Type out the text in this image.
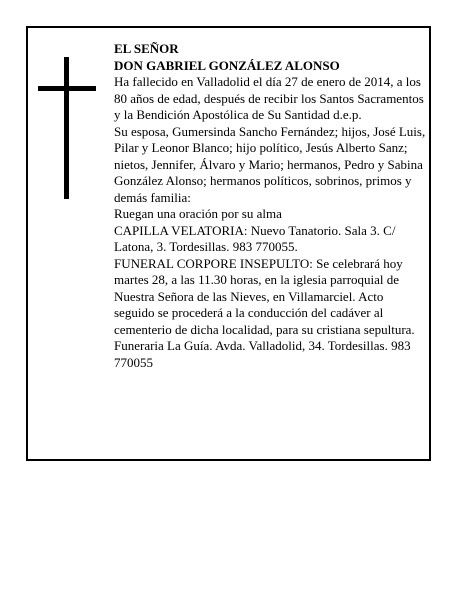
EL SEÑOR

DON GABRIEL GONZÁLEZ ALONSO

Ha fallecido en Valladolid el día 27 de enero de 2014, a los 80 años de edad, después de recibir los Santos Sacramentos y la Bendición Apostólica de Su Santidad d.e.p.

Su esposa, Gumersinda Sancho Fernández; hijos, José Luis, Pilar y Leonor Blanco; hijo político, Jesús Alberto Sanz; nietos, Jennifer, Álvaro y Mario; hermanos, Pedro y Sabina González Alonso; hermanos políticos, sobrinos, primos y demás familia:

Ruegan una oración por su alma

CAPILLA VELATORIA: Nuevo Tanatorio. Sala 3. C/ Latona, 3. Tordesillas. 983 770055.

FUNERAL CORPORE INSEPULTO: Se celebrará hoy martes 28, a las 11.30 horas, en la iglesia parroquial de Nuestra Señora de las Nieves, en Villamarciel. Acto seguido se procederá a la conducción del cadáver al cementerio de dicha localidad, para su cristiana sepultura.

Funeraria La Guía. Avda. Valladolid, 34. Tordesillas. 983 770055
